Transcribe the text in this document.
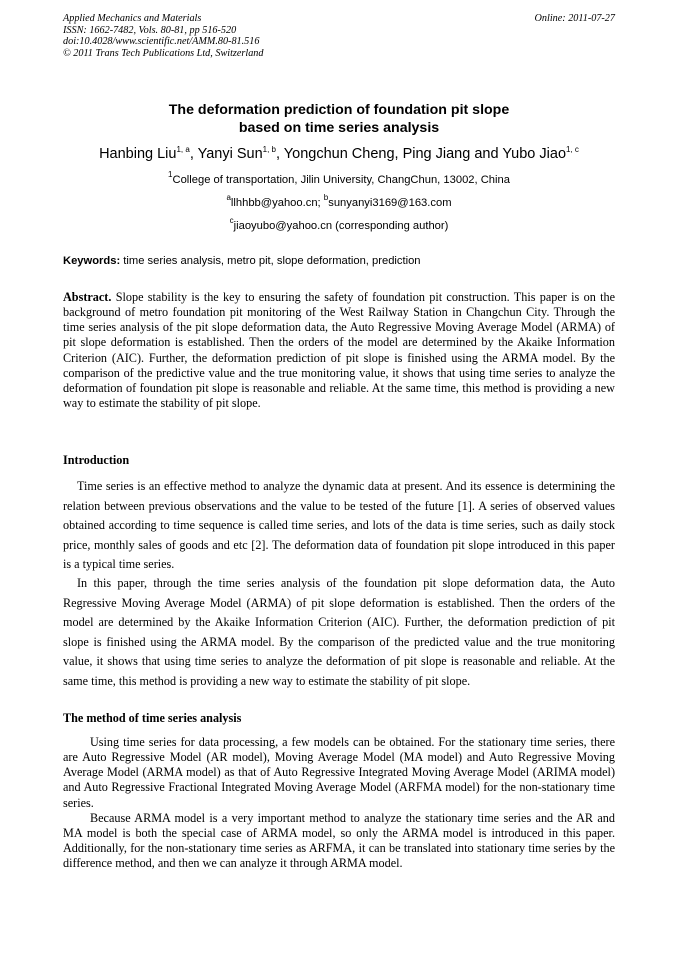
Applied Mechanics and Materials
ISSN: 1662-7482, Vols. 80-81, pp 516-520
doi:10.4028/www.scientific.net/AMM.80-81.516
© 2011 Trans Tech Publications Ltd, Switzerland
Online: 2011-07-27
The deformation prediction of foundation pit slope
based on time series analysis
Hanbing Liu$^{1, a}$, Yanyi Sun$^{1, b}$, Yongchun Cheng, Ping Jiang and Yubo Jiao$^{1, c}$
$^1$College of transportation, Jilin University, ChangChun, 13002, China
$^a$llhhbb@yahoo.cn; $^b$sunyanyi3169@163.com
$^c$jiaoyubo@yahoo.cn (corresponding author)
Keywords: time series analysis, metro pit, slope deformation, prediction

Abstract. Slope stability is the key to ensuring the safety of foundation pit construction. This paper is on the background of metro foundation pit monitoring of the West Railway Station in Changchun City. Through the time series analysis of the pit slope deformation data, the Auto Regressive Moving Average Model (ARMA) of pit slope deformation is established. Then the orders of the model are determined by the Akaike Information Criterion (AIC). Further, the deformation prediction of pit slope is finished using the ARMA model. By the comparison of the predictive value and the true monitoring value, it shows that using time series to analyze the deformation of foundation pit slope is reasonable and reliable. At the same time, this method is providing a new way to estimate the stability of pit slope.

Introduction

Time series is an effective method to analyze the dynamic data at present. And its essence is determining the relation between previous observations and the value to be tested of the future [1]. A series of observed values obtained according to time sequence is called time series, and lots of the data is time series, such as daily stock price, monthly sales of goods and etc [2]. The deformation data of foundation pit slope introduced in this paper is a typical time series.

In this paper, through the time series analysis of the foundation pit slope deformation data, the Auto Regressive Moving Average Model (ARMA) of pit slope deformation is established. Then the orders of the model are determined by the Akaike Information Criterion (AIC). Further, the deformation prediction of pit slope is finished using the ARMA model. By the comparison of the predicted value and the true monitoring value, it shows that using time series to analyze the deformation of pit slope is reasonable and reliable. At the same time, this method is providing a new way to estimate the stability of pit slope.

The method of time series analysis

Using time series for data processing, a few models can be obtained. For the stationary time series, there are Auto Regressive Model (AR model), Moving Average Model (MA model) and Auto Regressive Moving Average Model (ARMA model) as that of Auto Regressive Integrated Moving Average Model (ARIMA model) and Auto Regressive Fractional Integrated Moving Average Model (ARFMA model) for the non-stationary time series.

Because ARMA model is a very important method to analyze the stationary time series and the AR and MA model is both the special case of ARMA model, so only the ARMA model is introduced in this paper. Additionally, for the non-stationary time series as ARFMA, it can be translated into stationary time series by the difference method, and then we can analyze it through ARMA model.
